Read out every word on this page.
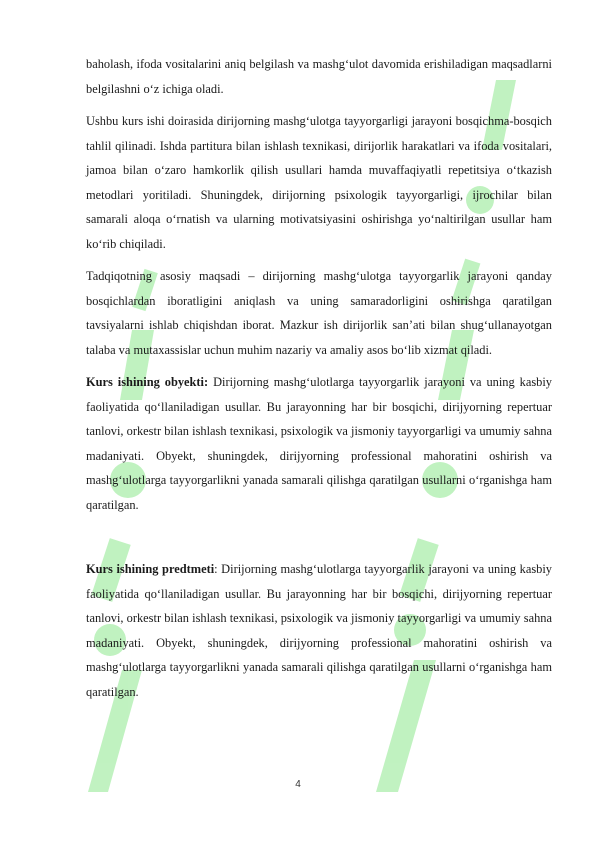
baholash, ifoda vositalarini aniq belgilash va mashg‘ulot davomida erishiladigan maqsadlarni belgilashni o‘z ichiga oladi.

Ushbu kurs ishi doirasida dirijorning mashg‘ulotga tayyorgarligi jarayoni bosqichma-bosqich tahlil qilinadi. Ishda partitura bilan ishlash texnikasi, dirijorlik harakatlari va ifoda vositalari, jamoa bilan o‘zaro hamkorlik qilish usullari hamda muvaffaqiyatli repetitsiya o‘tkazish metodlari yoritiladi. Shuningdek, dirijorning psixologik tayyorgarligi, ijrochilar bilan samarali aloqa o‘rnatish va ularning motivatsiyasini oshirishga yo‘naltirilgan usullar ham ko‘rib chiqiladi.

Tadqiqotning asosiy maqsadi – dirijorning mashg‘ulotga tayyorgarlik jarayoni qanday bosqichlardan iboratligini aniqlash va uning samaradorligini oshirishga qaratilgan tavsiyalarni ishlab chiqishdan iborat. Mazkur ish dirijorlik san’ati bilan shug‘ullanayotgan talaba va mutaxassislar uchun muhim nazariy va amaliy asos bo‘lib xizmat qiladi.

Kurs ishining obyekti: Dirijorning mashg‘ulotlarga tayyorgarlik jarayoni va uning kasbiy faoliyatida qo‘llaniladigan usullar. Bu jarayonning har bir bosqichi, dirijyorning repertuar tanlovi, orkestr bilan ishlash texnikasi, psixologik va jismoniy tayyorgarligi va umumiy sahna madaniyati. Obyekt, shuningdek, dirijyorning professional mahoratini oshirish va mashg‘ulotlarga tayyorgarlikni yanada samarali qilishga qaratilgan usullarni o‘rganishga ham qaratilgan.

Kurs ishining predtmeti: Dirijorning mashg‘ulotlarga tayyorgarlik jarayoni va uning kasbiy faoliyatida qo‘llaniladigan usullar. Bu jarayonning har bir bosqichi, dirijyorning repertuar tanlovi, orkestr bilan ishlash texnikasi, psixologik va jismoniy tayyorgarligi va umumiy sahna madaniyati. Obyekt, shuningdek, dirijyorning professional mahoratini oshirish va mashg‘ulotlarga tayyorgarlikni yanada samarali qilishga qaratilgan usullarni o‘rganishga ham qaratilgan.

4
